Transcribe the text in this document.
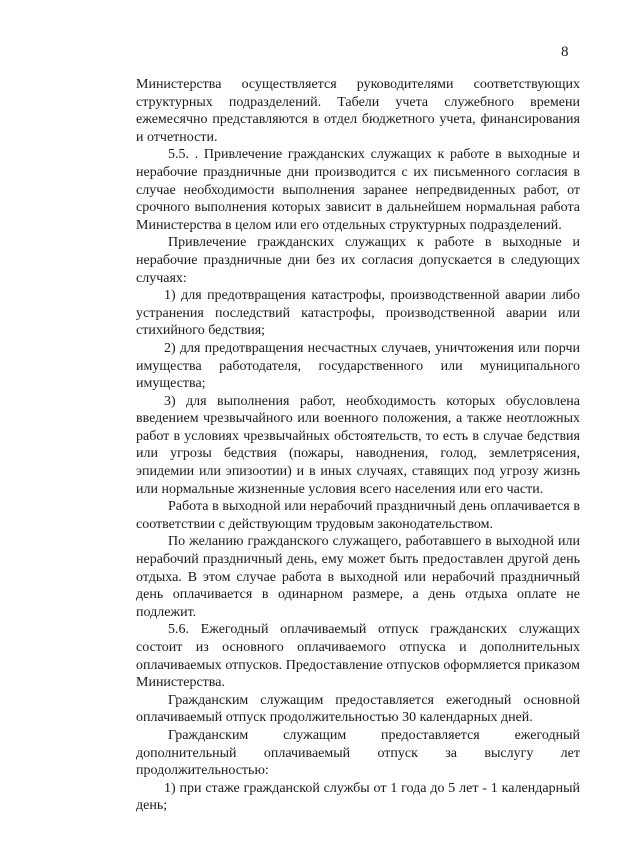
8

Министерства осуществляется руководителями соответствующих структурных подразделений. Табели учета служебного времени ежемесячно представляются в отдел бюджетного учета, финансирования и отчетности.

5.5. . Привлечение гражданских служащих к работе в выходные и нерабочие праздничные дни производится с их письменного согласия в случае необходимости выполнения заранее непредвиденных работ, от срочного выполнения которых зависит в дальнейшем нормальная работа Министерства в целом или его отдельных структурных подразделений.

Привлечение гражданских служащих к работе в выходные и нерабочие праздничные дни без их согласия допускается в следующих случаях:

1) для предотвращения катастрофы, производственной аварии либо устранения последствий катастрофы, производственной аварии или стихийного бедствия;

2) для предотвращения несчастных случаев, уничтожения или порчи имущества работодателя, государственного или муниципального имущества;

3) для выполнения работ, необходимость которых обусловлена введением чрезвычайного или военного положения, а также неотложных работ в условиях чрезвычайных обстоятельств, то есть в случае бедствия или угрозы бедствия (пожары, наводнения, голод, землетрясения, эпидемии или эпизоотии) и в иных случаях, ставящих под угрозу жизнь или нормальные жизненные условия всего населения или его части.

Работа в выходной или нерабочий праздничный день оплачивается в соответствии с действующим трудовым законодательством.

По желанию гражданского служащего, работавшего в выходной или нерабочий праздничный день, ему может быть предоставлен другой день отдыха. В этом случае работа в выходной или нерабочий праздничный день оплачивается в одинарном размере, а день отдыха оплате не подлежит.

5.6. Ежегодный оплачиваемый отпуск гражданских служащих состоит из основного оплачиваемого отпуска и дополнительных оплачиваемых отпусков. Предоставление отпусков оформляется приказом Министерства.

Гражданским служащим предоставляется ежегодный основной оплачиваемый отпуск продолжительностью 30 календарных дней.

Гражданским служащим предоставляется ежегодный дополнительный оплачиваемый отпуск за выслугу лет продолжительностью:

1) при стаже гражданской службы от 1 года до 5 лет - 1 календарный день;
